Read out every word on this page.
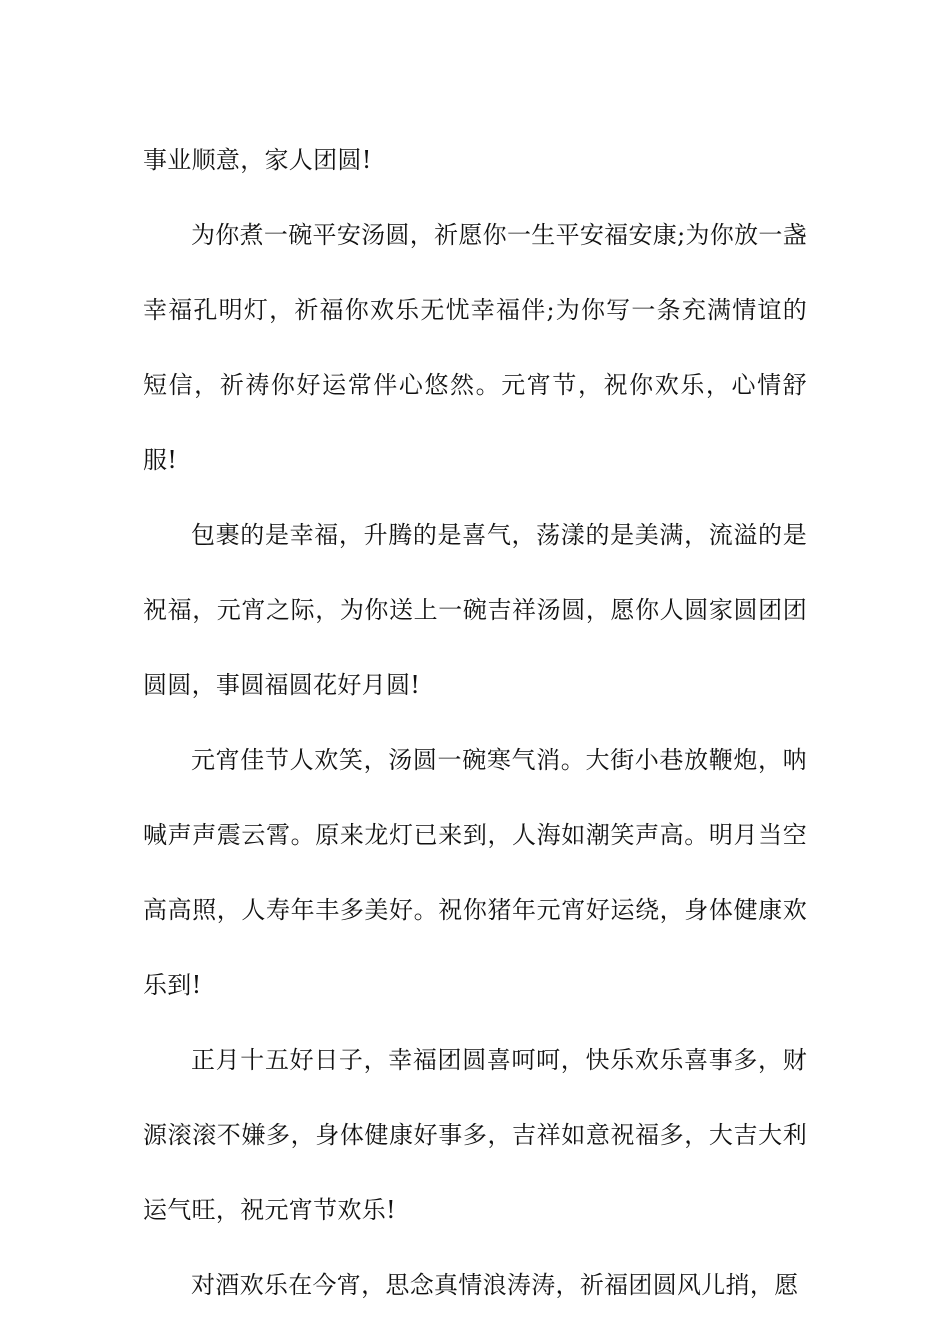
事业顺意，家人团圆!

为你煮一碗平安汤圆，祈愿你一生平安福安康;为你放一盏幸福孔明灯，祈福你欢乐无忧幸福伴;为你写一条充满情谊的短信，祈祷你好运常伴心悠然。元宵节，祝你欢乐，心情舒服!

包裹的是幸福，升腾的是喜气，荡漾的是美满，流溢的是祝福，元宵之际，为你送上一碗吉祥汤圆，愿你人圆家圆团团圆圆，事圆福圆花好月圆!

元宵佳节人欢笑，汤圆一碗寒气消。大街小巷放鞭炮，呐喊声声震云霄。原来龙灯已来到，人海如潮笑声高。明月当空高高照，人寿年丰多美好。祝你猪年元宵好运绕，身体健康欢乐到!

正月十五好日子，幸福团圆喜呵呵，快乐欢乐喜事多，财源滚滚不嫌多，身体健康好事多，吉祥如意祝福多，大吉大利运气旺，祝元宵节欢乐!

对酒欢乐在今宵，思念真情浪涛涛，祈福团圆风儿捎，愿
